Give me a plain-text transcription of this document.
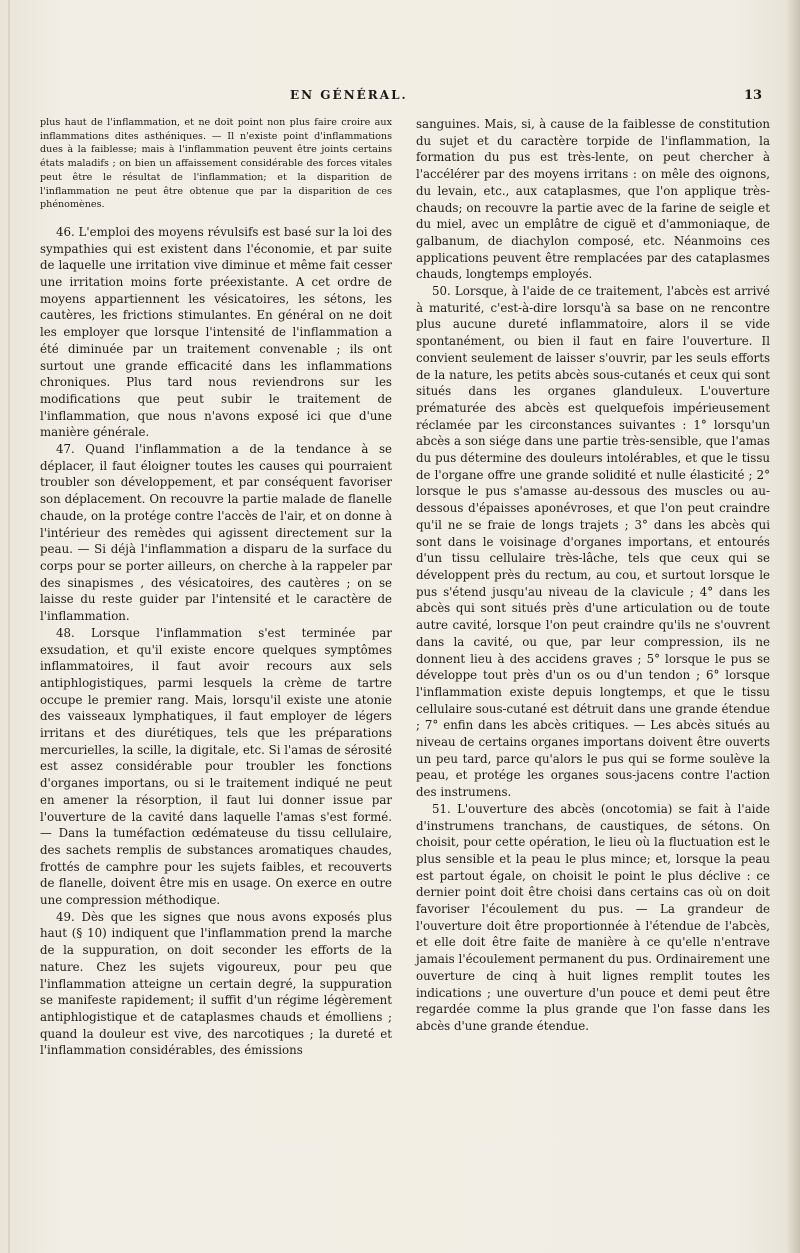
EN GÉNÉRAL.	13

plus haut de l'inflammation, et ne doit point non plus faire croire aux inflammations dites asthéniques. — Il n'existe point d'inflammations dues à la faiblesse; mais à l'inflammation peuvent être joints certains états maladifs ; on bien un affaissement considérable des forces vitales peut être le résultat de l'inflammation; et la disparition de l'inflammation ne peut être obtenue que par la disparition de ces phénomènes.

46. L'emploi des moyens révulsifs est basé sur la loi des sympathies qui est existent dans l'économie, et par suite de laquelle une irritation vive diminue et même fait cesser une irritation moins forte préexistante. A cet ordre de moyens appartiennent les vésicatoires, les sétons, les cautères, les frictions stimulantes. En général on ne doit les employer que lorsque l'intensité de l'inflammation a été diminuée par un traitement convenable ; ils ont surtout une grande efficacité dans les inflammations chroniques. Plus tard nous reviendrons sur les modifications que peut subir le traitement de l'inflammation, que nous n'avons exposé ici que d'une manière générale.

47. Quand l'inflammation a de la tendance à se déplacer, il faut éloigner toutes les causes qui pourraient troubler son développement, et par conséquent favoriser son déplacement. On recouvre la partie malade de flanelle chaude, on la protége contre l'accès de l'air, et on donne à l'intérieur des remèdes qui agissent directement sur la peau. — Si déjà l'inflammation a disparu de la surface du corps pour se porter ailleurs, on cherche à la rappeler par des sinapismes , des vésicatoires, des cautères ; on se laisse du reste guider par l'intensité et le caractère de l'inflammation.

48. Lorsque l'inflammation s'est terminée par exsudation, et qu'il existe encore quelques symptômes inflammatoires, il faut avoir recours aux sels antiphlogistiques, parmi lesquels la crème de tartre occupe le premier rang. Mais, lorsqu'il existe une atonie des vaisseaux lymphatiques, il faut employer de légers irritans et des diurétiques, tels que les préparations mercurielles, la scille, la digitale, etc. Si l'amas de sérosité est assez considérable pour troubler les fonctions d'organes importans, ou si le traitement indiqué ne peut en amener la résorption, il faut lui donner issue par l'ouverture de la cavité dans laquelle l'amas s'est formé. — Dans la tuméfaction œdémateuse du tissu cellulaire, des sachets remplis de substances aromatiques chaudes, frottés de camphre pour les sujets faibles, et recouverts de flanelle, doivent être mis en usage. On exerce en outre une compression méthodique.

49. Dès que les signes que nous avons exposés plus haut (§ 10) indiquent que l'inflammation prend la marche de la suppuration, on doit seconder les efforts de la nature. Chez les sujets vigoureux, pour peu que l'inflammation atteigne un certain degré, la suppuration se manifeste rapidement; il suffit d'un régime légèrement antiphlogistique et de cataplasmes chauds et émolliens ; quand la douleur est vive, des narcotiques ; la dureté et l'inflammation considérables, des émissions

sanguines. Mais, si, à cause de la faiblesse de constitution du sujet et du caractère torpide de l'inflammation, la formation du pus est très-lente, on peut chercher à l'accélérer par des moyens irritans : on mêle des oignons, du levain, etc., aux cataplasmes, que l'on applique très-chauds; on recouvre la partie avec de la farine de seigle et du miel, avec un emplâtre de ciguë et d'ammoniaque, de galbanum, de diachylon composé, etc. Néanmoins ces applications peuvent être remplacées par des cataplasmes chauds, longtemps employés.

50. Lorsque, à l'aide de ce traitement, l'abcès est arrivé à maturité, c'est-à-dire lorsqu'à sa base on ne rencontre plus aucune dureté inflammatoire, alors il se vide spontanément, ou bien il faut en faire l'ouverture. Il convient seulement de laisser s'ouvrir, par les seuls efforts de la nature, les petits abcès sous-cutanés et ceux qui sont situés dans les organes glanduleux. L'ouverture prématurée des abcès est quelquefois impérieusement réclamée par les circonstances suivantes : 1° lorsqu'un abcès a son siége dans une partie très-sensible, que l'amas du pus détermine des douleurs intolérables, et que le tissu de l'organe offre une grande solidité et nulle élasticité ; 2° lorsque le pus s'amasse au-dessous des muscles ou au-dessous d'épaisses aponévroses, et que l'on peut craindre qu'il ne se fraie de longs trajets ; 3° dans les abcès qui sont dans le voisinage d'organes importans, et entourés d'un tissu cellulaire très-lâche, tels que ceux qui se développent près du rectum, au cou, et surtout lorsque le pus s'étend jusqu'au niveau de la clavicule ; 4° dans les abcès qui sont situés près d'une articulation ou de toute autre cavité, lorsque l'on peut craindre qu'ils ne s'ouvrent dans la cavité, ou que, par leur compression, ils ne donnent lieu à des accidens graves ; 5° lorsque le pus se développe tout près d'un os ou d'un tendon ; 6° lorsque l'inflammation existe depuis longtemps, et que le tissu cellulaire sous-cutané est détruit dans une grande étendue ; 7° enfin dans les abcès critiques. — Les abcès situés au niveau de certains organes importans doivent être ouverts un peu tard, parce qu'alors le pus qui se forme soulève la peau, et protége les organes sous-jacens contre l'action des instrumens.

51. L'ouverture des abcès (oncotomia) se fait à l'aide d'instrumens tranchans, de caustiques, de sétons. On choisit, pour cette opération, le lieu où la fluctuation est le plus sensible et la peau le plus mince; et, lorsque la peau est partout égale, on choisit le point le plus déclive : ce dernier point doit être choisi dans certains cas où on doit favoriser l'écoulement du pus. — La grandeur de l'ouverture doit être proportionnée à l'étendue de l'abcès, et elle doit être faite de manière à ce qu'elle n'entrave jamais l'écoulement permanent du pus. Ordinairement une ouverture de cinq à huit lignes remplit toutes les indications ; une ouverture d'un pouce et demi peut être regardée comme la plus grande que l'on fasse dans les abcès d'une grande étendue.
